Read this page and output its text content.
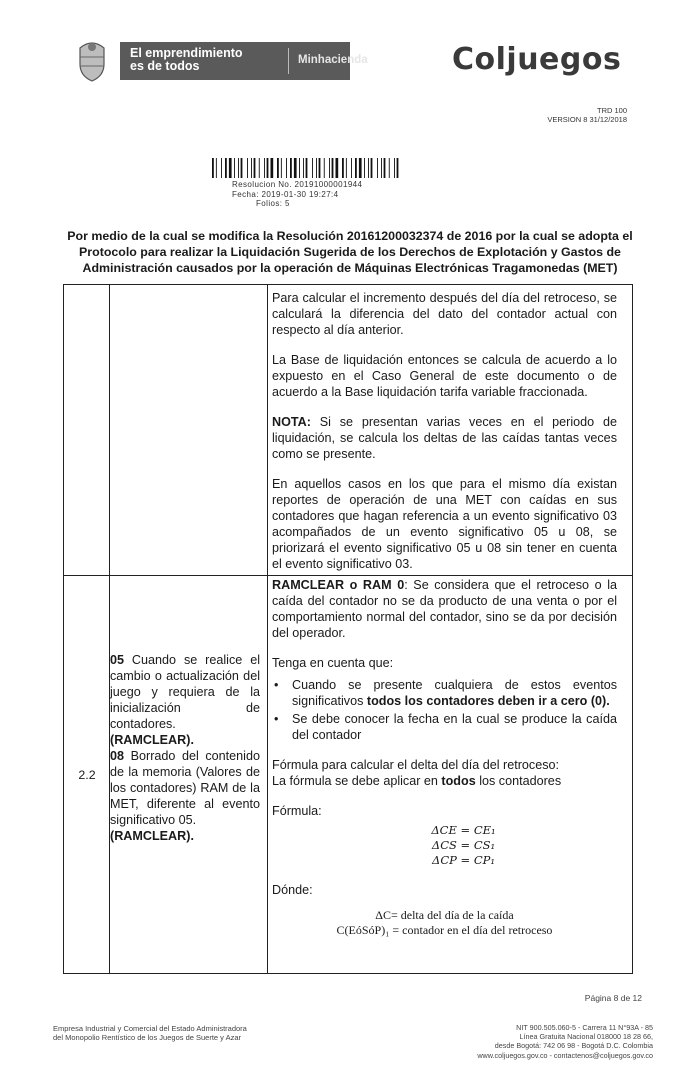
El emprendimiento
es de todos	Minhacienda	Coljuegos
TRD 100
VERSION 8 31/12/2018
Resolucion No. 20191000001944
Fecha: 2019-01-30 19:27:4
Folios: 5
Por medio de la cual se modifica la Resolución 20161200032374 de 2016 por la cual se adopta el Protocolo para realizar la Liquidación Sugerida de los Derechos de Explotación y Gastos de Administración causados por la operación de Máquinas Electrónicas Tragamonedas (MET)

Para calcular el incremento después del día del retroceso, se calculará la diferencia del dato del contador actual con respecto al día anterior.

La Base de liquidación entonces se calcula de acuerdo a lo expuesto en el Caso General de este documento o de acuerdo a la Base liquidación tarifa variable fraccionada.

NOTA: Si se presentan varias veces en el periodo de liquidación, se calcula los deltas de las caídas tantas veces como se presente.

En aquellos casos en los que para el mismo día existan reportes de operación de una MET con caídas en sus contadores que hagan referencia a un evento significativo 03 acompañados de un evento significativo 05 u 08, se priorizará el evento significativo 05 u 08 sin tener en cuenta el evento significativo 03.

2.2
05 Cuando se realice el cambio o actualización del juego y requiera de la inicialización de contadores.
(RAMCLEAR).
08 Borrado del contenido de la memoria (Valores de los contadores) RAM de la MET, diferente al evento significativo 05.
(RAMCLEAR).

RAMCLEAR o RAM 0: Se considera que el retroceso o la caída del contador no se da producto de una venta o por el comportamiento normal del contador, sino se da por decisión del operador.

Tenga en cuenta que:

• Cuando se presente cualquiera de estos eventos significativos todos los contadores deben ir a cero (0).
• Se debe conocer la fecha en la cual se produce la caída del contador

Fórmula para calcular el delta del día del retroceso:

La fórmula se debe aplicar en todos los contadores

Fórmula:

ΔCE = CE₁
ΔCS = CS₁
ΔCP = CP₁

Dónde:

ΔC= delta del día de la caída
C(EóSóP)₁ = contador en el día del retroceso
Página 8 de 12
Empresa Industrial y Comercial del Estado Administradora
del Monopolio Rentístico de los Juegos de Suerte y Azar
NIT 900.505.060-5 - Carrera 11 N°93A - 85
Línea Gratuita Nacional 018000 18 28 66,
desde Bogotá: 742 06 98 - Bogotá D.C. Colombia
www.coljuegos.gov.co - contactenos@coljuegos.gov.co
